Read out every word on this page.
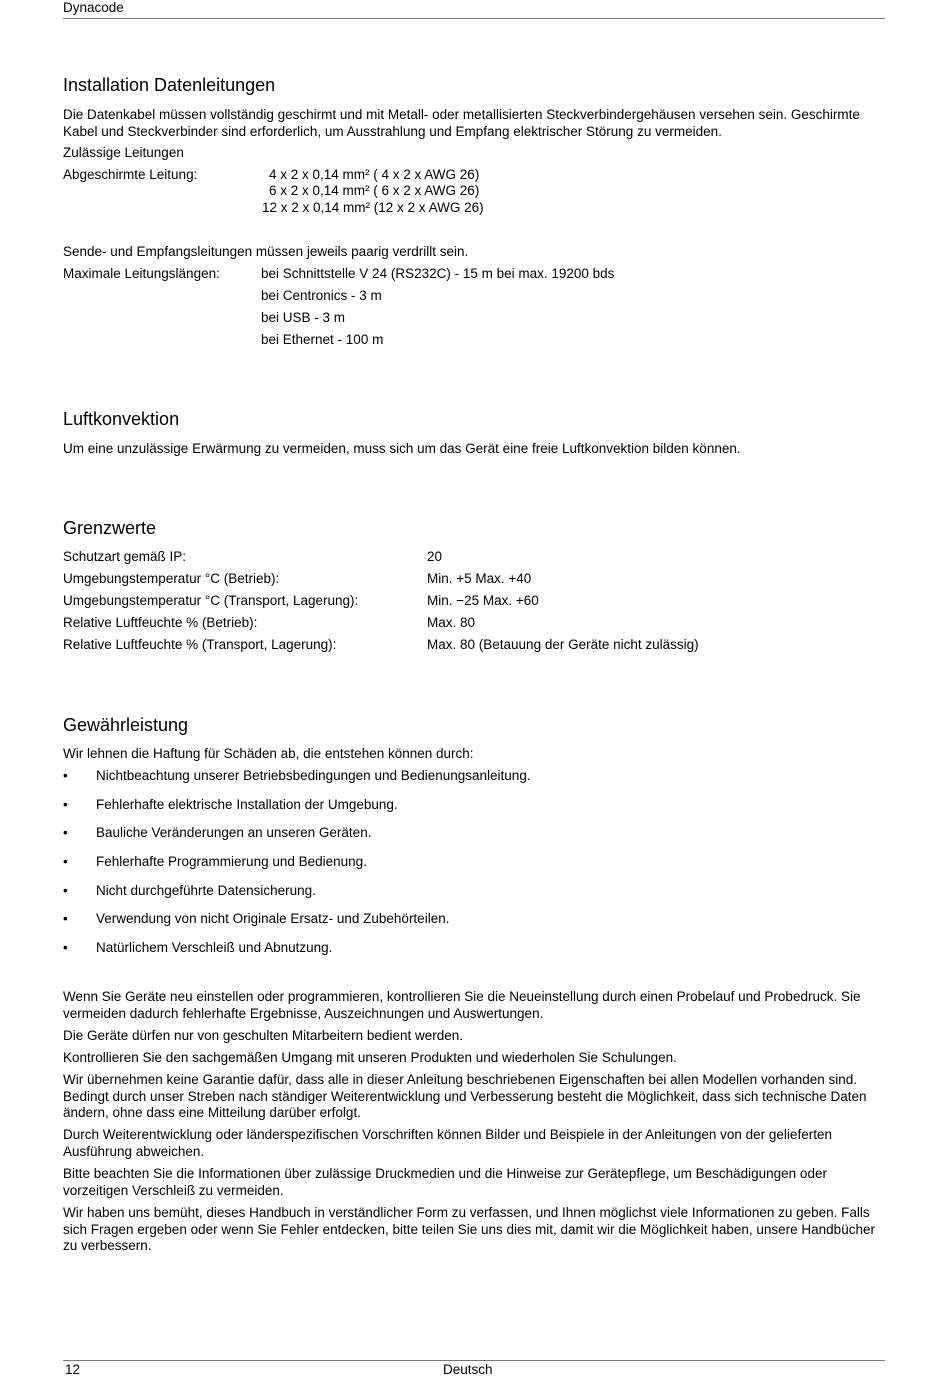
Dynacode
Installation Datenleitungen
Die Datenkabel müssen vollständig geschirmt und mit Metall- oder metallisierten Steckverbindergehäusen versehen sein. Geschirmte Kabel und Steckverbinder sind erforderlich, um Ausstrahlung und Empfang elektrischer Störung zu vermeiden.
Zulässige Leitungen
Abgeschirmte Leitung:	4 x 2 x 0,14 mm² ( 4 x 2 x AWG 26)
6 x 2 x 0,14 mm² ( 6 x 2 x AWG 26)
12 x 2 x 0,14 mm² (12 x 2 x AWG 26)
Sende- und Empfangsleitungen müssen jeweils paarig verdrillt sein.
Maximale Leitungslängen:	bei Schnittstelle V 24 (RS232C) - 15 m bei max. 19200 bds
bei Centronics - 3 m
bei USB - 3 m
bei Ethernet - 100 m
Luftkonvektion
Um eine unzulässige Erwärmung zu vermeiden, muss sich um das Gerät eine freie Luftkonvektion bilden können.
Grenzwerte
Schutzart gemäß IP:	20
Umgebungstemperatur °C (Betrieb):	Min. +5 Max. +40
Umgebungstemperatur °C (Transport, Lagerung):	Min. −25 Max. +60
Relative Luftfeuchte % (Betrieb):	Max. 80
Relative Luftfeuchte % (Transport, Lagerung):	Max. 80 (Betauung der Geräte nicht zulässig)
Gewährleistung
Wir lehnen die Haftung für Schäden ab, die entstehen können durch:
• Nichtbeachtung unserer Betriebsbedingungen und Bedienungsanleitung.
• Fehlerhafte elektrische Installation der Umgebung.
• Bauliche Veränderungen an unseren Geräten.
• Fehlerhafte Programmierung und Bedienung.
• Nicht durchgeführte Datensicherung.
• Verwendung von nicht Originale Ersatz- und Zubehörteilen.
• Natürlichem Verschleiß und Abnutzung.
Wenn Sie Geräte neu einstellen oder programmieren, kontrollieren Sie die Neueinstellung durch einen Probelauf und Probedruck. Sie vermeiden dadurch fehlerhafte Ergebnisse, Auszeichnungen und Auswertungen.
Die Geräte dürfen nur von geschulten Mitarbeitern bedient werden.
Kontrollieren Sie den sachgemäßen Umgang mit unseren Produkten und wiederholen Sie Schulungen.
Wir übernehmen keine Garantie dafür, dass alle in dieser Anleitung beschriebenen Eigenschaften bei allen Modellen vorhanden sind. Bedingt durch unser Streben nach ständiger Weiterentwicklung und Verbesserung besteht die Möglichkeit, dass sich technische Daten ändern, ohne dass eine Mitteilung darüber erfolgt.
Durch Weiterentwicklung oder länderspezifischen Vorschriften können Bilder und Beispiele in der Anleitungen von der gelieferten Ausführung abweichen.
Bitte beachten Sie die Informationen über zulässige Druckmedien und die Hinweise zur Gerätepflege, um Beschädigungen oder vorzeitigen Verschleiß zu vermeiden.
Wir haben uns bemüht, dieses Handbuch in verständlicher Form zu verfassen, und Ihnen möglichst viele Informationen zu geben. Falls sich Fragen ergeben oder wenn Sie Fehler entdecken, bitte teilen Sie uns dies mit, damit wir die Möglichkeit haben, unsere Handbücher zu verbessern.
12	Deutsch
